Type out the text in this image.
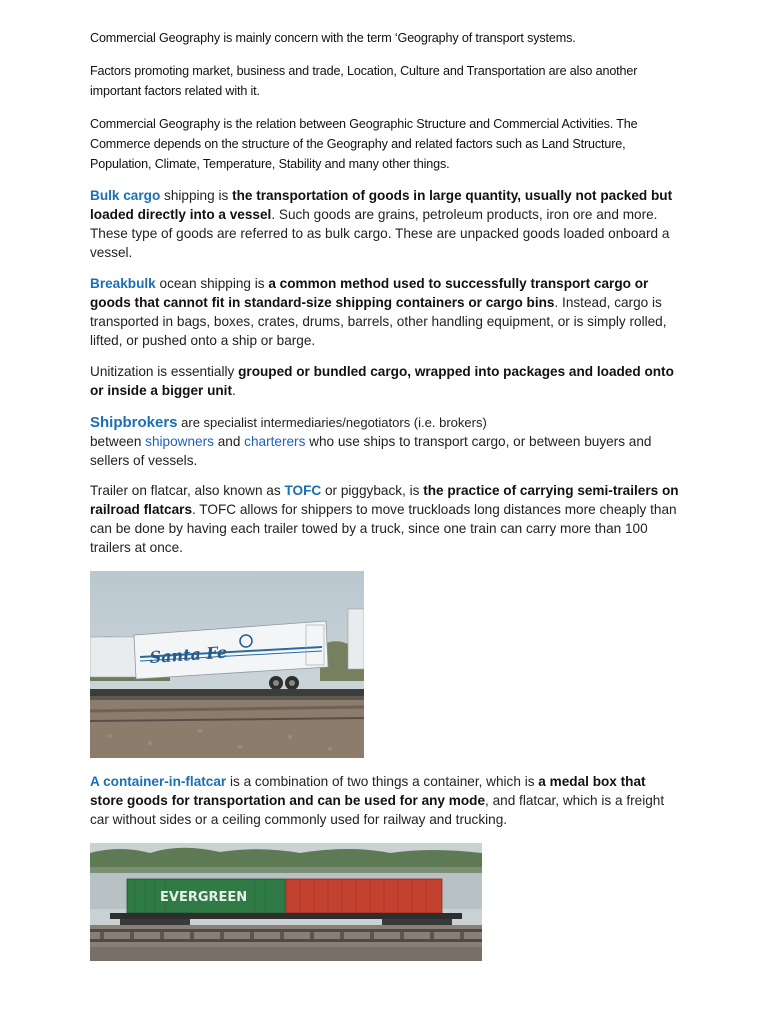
Commercial Geography is mainly concern with the term ‘Geography of transport systems.

Factors promoting market, business and trade, Location, Culture and Transportation are also another important factors related with it.

Commercial Geography is the relation between Geographic Structure and Commercial Activities. The Commerce depends on the structure of the Geography and related factors such as Land Structure, Population, Climate, Temperature, Stability and many other things.

Bulk cargo shipping is the transportation of goods in large quantity, usually not packed but loaded directly into a vessel. Such goods are grains, petroleum products, iron ore and more. These type of goods are referred to as bulk cargo. These are unpacked goods loaded onboard a vessel.

Breakbulk ocean shipping is a common method used to successfully transport cargo or goods that cannot fit in standard-size shipping containers or cargo bins. Instead, cargo is transported in bags, boxes, crates, drums, barrels, other handling equipment, or is simply rolled, lifted, or pushed onto a ship or barge.

Unitization is essentially grouped or bundled cargo, wrapped into packages and loaded onto or inside a bigger unit.

Shipbrokers are specialist intermediaries/negotiators (i.e. brokers)
between shipowners and charterers who use ships to transport cargo, or between buyers and sellers of vessels.

Trailer on flatcar, also known as TOFC or piggyback, is the practice of carrying semi-trailers on railroad flatcars. TOFC allows for shippers to move truckloads long distances more cheaply than can be done by having each trailer towed by a truck, since one train can carry more than 100 trailers at once.

Santa Fe

A container-in-flatcar is a combination of two things a container, which is a medal box that store goods for transportation and can be used for any mode, and flatcar, which is a freight car without sides or a ceiling commonly used for railway and trucking.

EVERGREEN
